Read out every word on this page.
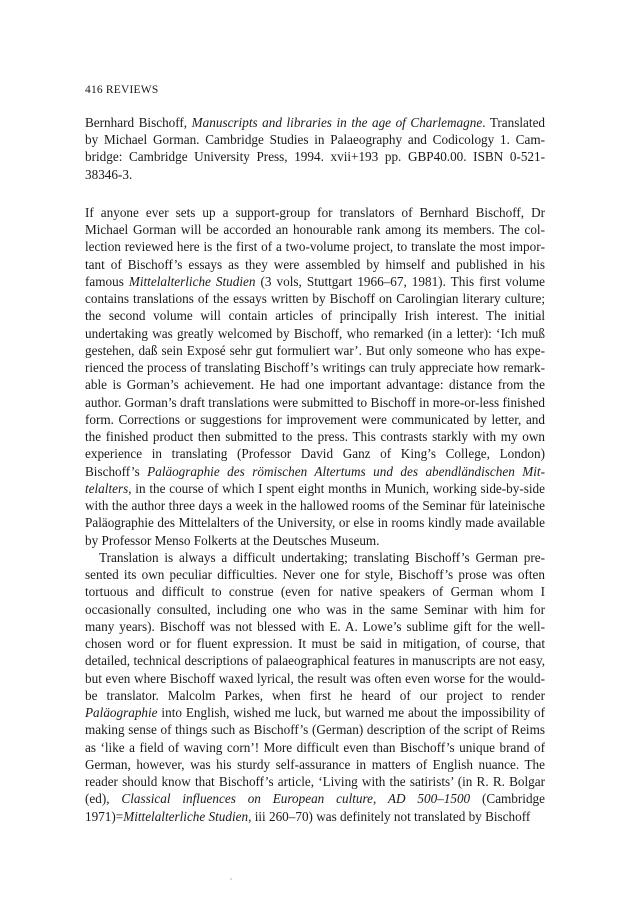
416 REVIEWS

Bernhard Bischoff, Manuscripts and libraries in the age of Charlemagne. Translated by Michael Gorman. Cambridge Studies in Palaeography and Codicology 1. Cambridge: Cambridge University Press, 1994. xvii+193 pp. GBP40.00. ISBN 0-521-38346-3.

If anyone ever sets up a support-group for translators of Bernhard Bischoff, Dr Michael Gorman will be accorded an honourable rank among its members. The collection reviewed here is the first of a two-volume project, to translate the most important of Bischoff’s essays as they were assembled by himself and published in his famous Mittelalterliche Studien (3 vols, Stuttgart 1966–67, 1981). This first volume contains translations of the essays written by Bischoff on Carolingian literary culture; the second volume will contain articles of principally Irish interest. The initial undertaking was greatly welcomed by Bischoff, who remarked (in a letter): ‘Ich muß gestehen, daß sein Exposé sehr gut formuliert war’. But only someone who has experienced the process of translating Bischoff’s writings can truly appreciate how remarkable is Gorman’s achievement. He had one important advantage: distance from the author. Gorman’s draft translations were submitted to Bischoff in more-or-less finished form. Corrections or suggestions for improvement were communicated by letter, and the finished product then submitted to the press. This contrasts starkly with my own experience in translating (Professor David Ganz of King’s College, London) Bischoff’s Paläographie des römischen Altertums und des abendländischen Mittelalters, in the course of which I spent eight months in Munich, working side-by-side with the author three days a week in the hallowed rooms of the Seminar für lateinische Paläographie des Mittelalters of the University, or else in rooms kindly made available by Professor Menso Folkerts at the Deutsches Museum.

Translation is always a difficult undertaking; translating Bischoff’s German presented its own peculiar difficulties. Never one for style, Bischoff’s prose was often tortuous and difficult to construe (even for native speakers of German whom I occasionally consulted, including one who was in the same Seminar with him for many years). Bischoff was not blessed with E. A. Lowe’s sublime gift for the well-chosen word or for fluent expression. It must be said in mitigation, of course, that detailed, technical descriptions of palaeographical features in manuscripts are not easy, but even where Bischoff waxed lyrical, the result was often even worse for the would-be translator. Malcolm Parkes, when first he heard of our project to render Paläographie into English, wished me luck, but warned me about the impossibility of making sense of things such as Bischoff’s (German) description of the script of Reims as ‘like a field of waving corn’! More difficult even than Bischoff’s unique brand of German, however, was his sturdy self-assurance in matters of English nuance. The reader should know that Bischoff’s article, ‘Living with the satirists’ (in R. R. Bolgar (ed), Classical influences on European culture, AD 500–1500 (Cambridge 1971)=Mittelalterliche Studien, iii 260–70) was definitely not translated by Bischoff
